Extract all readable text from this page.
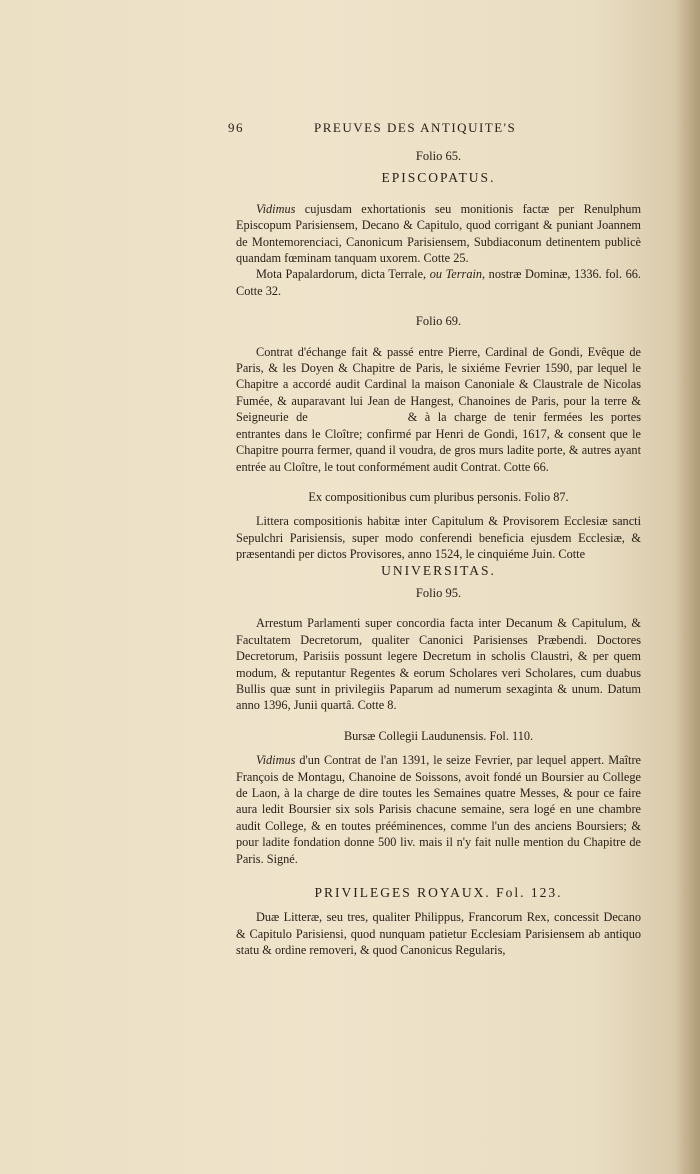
96	PREUVES DES ANTIQUITE'S
Folio 65.
EPISCOPATUS.

Vidimus cujusdam exhortationis seu monitionis factæ per Renulphum Episcopum Parisiensem, Decano & Capitulo, quod corrigant & puniant Joannem de Montemorenciaci, Canonicum Parisiensem, Subdiaconum detinentem publicè quandam fœminam tanquam uxorem. Cotte 25.

Mota Papalardorum, dicta Terrale, ou Terrain, nostræ Dominæ, 1336. fol. 66. Cotte 32.

Folio 69.

Contrat d'échange fait & passé entre Pierre, Cardinal de Gondi, Evêque de Paris, & les Doyen & Chapitre de Paris, le sixiéme Fevrier 1590, par lequel le Chapitre a accordé audit Cardinal la maison Canoniale & Claustrale de Nicolas Fumée, & auparavant lui Jean de Hangest, Chanoines de Paris, pour la terre & Seigneurie de	& à la charge de tenir fermées les portes entrantes dans le Cloître; confirmé par Henri de Gondi, 1617, & consent que le Chapitre pourra fermer, quand il voudra, de gros murs ladite porte, & autres ayant entrée au Cloître, le tout conformément audit Contrat. Cotte 66.

Ex compositionibus cum pluribus personis. Folio 87.

Littera compositionis habitæ inter Capitulum & Provisorem Ecclesiæ sancti Sepulchri Parisiensis, super modo conferendi beneficia ejusdem Ecclesiæ, & præsentandi per dictos Provisores, anno 1524, le cinquiéme Juin. Cotte

UNIVERSITAS.
Folio 95.

Arrestum Parlamenti super concordia facta inter Decanum & Capitulum, & Facultatem Decretorum, qualiter Canonici Parisienses Præbendi. Doctores Decretorum, Parisiis possunt legere Decretum in scholis Claustri, & per quem modum, & reputantur Regentes & eorum Scholares veri Scholares, cum duabus Bullis quæ sunt in privilegiis Paparum ad numerum sexaginta & unum. Datum anno 1396, Junii quartâ. Cotte 8.

Bursæ Collegii Laudunensis. Fol. 110.

Vidimus d'un Contrat de l'an 1391, le seize Fevrier, par lequel appert. Maître François de Montagu, Chanoine de Soissons, avoit fondé un Boursier au College de Laon, à la charge de dire toutes les Semaines quatre Messes, & pour ce faire aura ledit Boursier six sols Parisis chacune semaine, sera logé en une chambre audit College, & en toutes prééminences, comme l'un des anciens Boursiers; & pour ladite fondation donne 500 liv. mais il n'y fait nulle mention du Chapitre de Paris. Signé.

PRIVILEGES ROYAUX. Fol. 123.

Duæ Litteræ, seu tres, qualiter Philippus, Francorum Rex, concessit Decano & Capitulo Parisiensi, quod nunquam patietur Ecclesiam Parisiensem ab antiquo statu & ordine removeri, & quod Canonicus Regularis,
